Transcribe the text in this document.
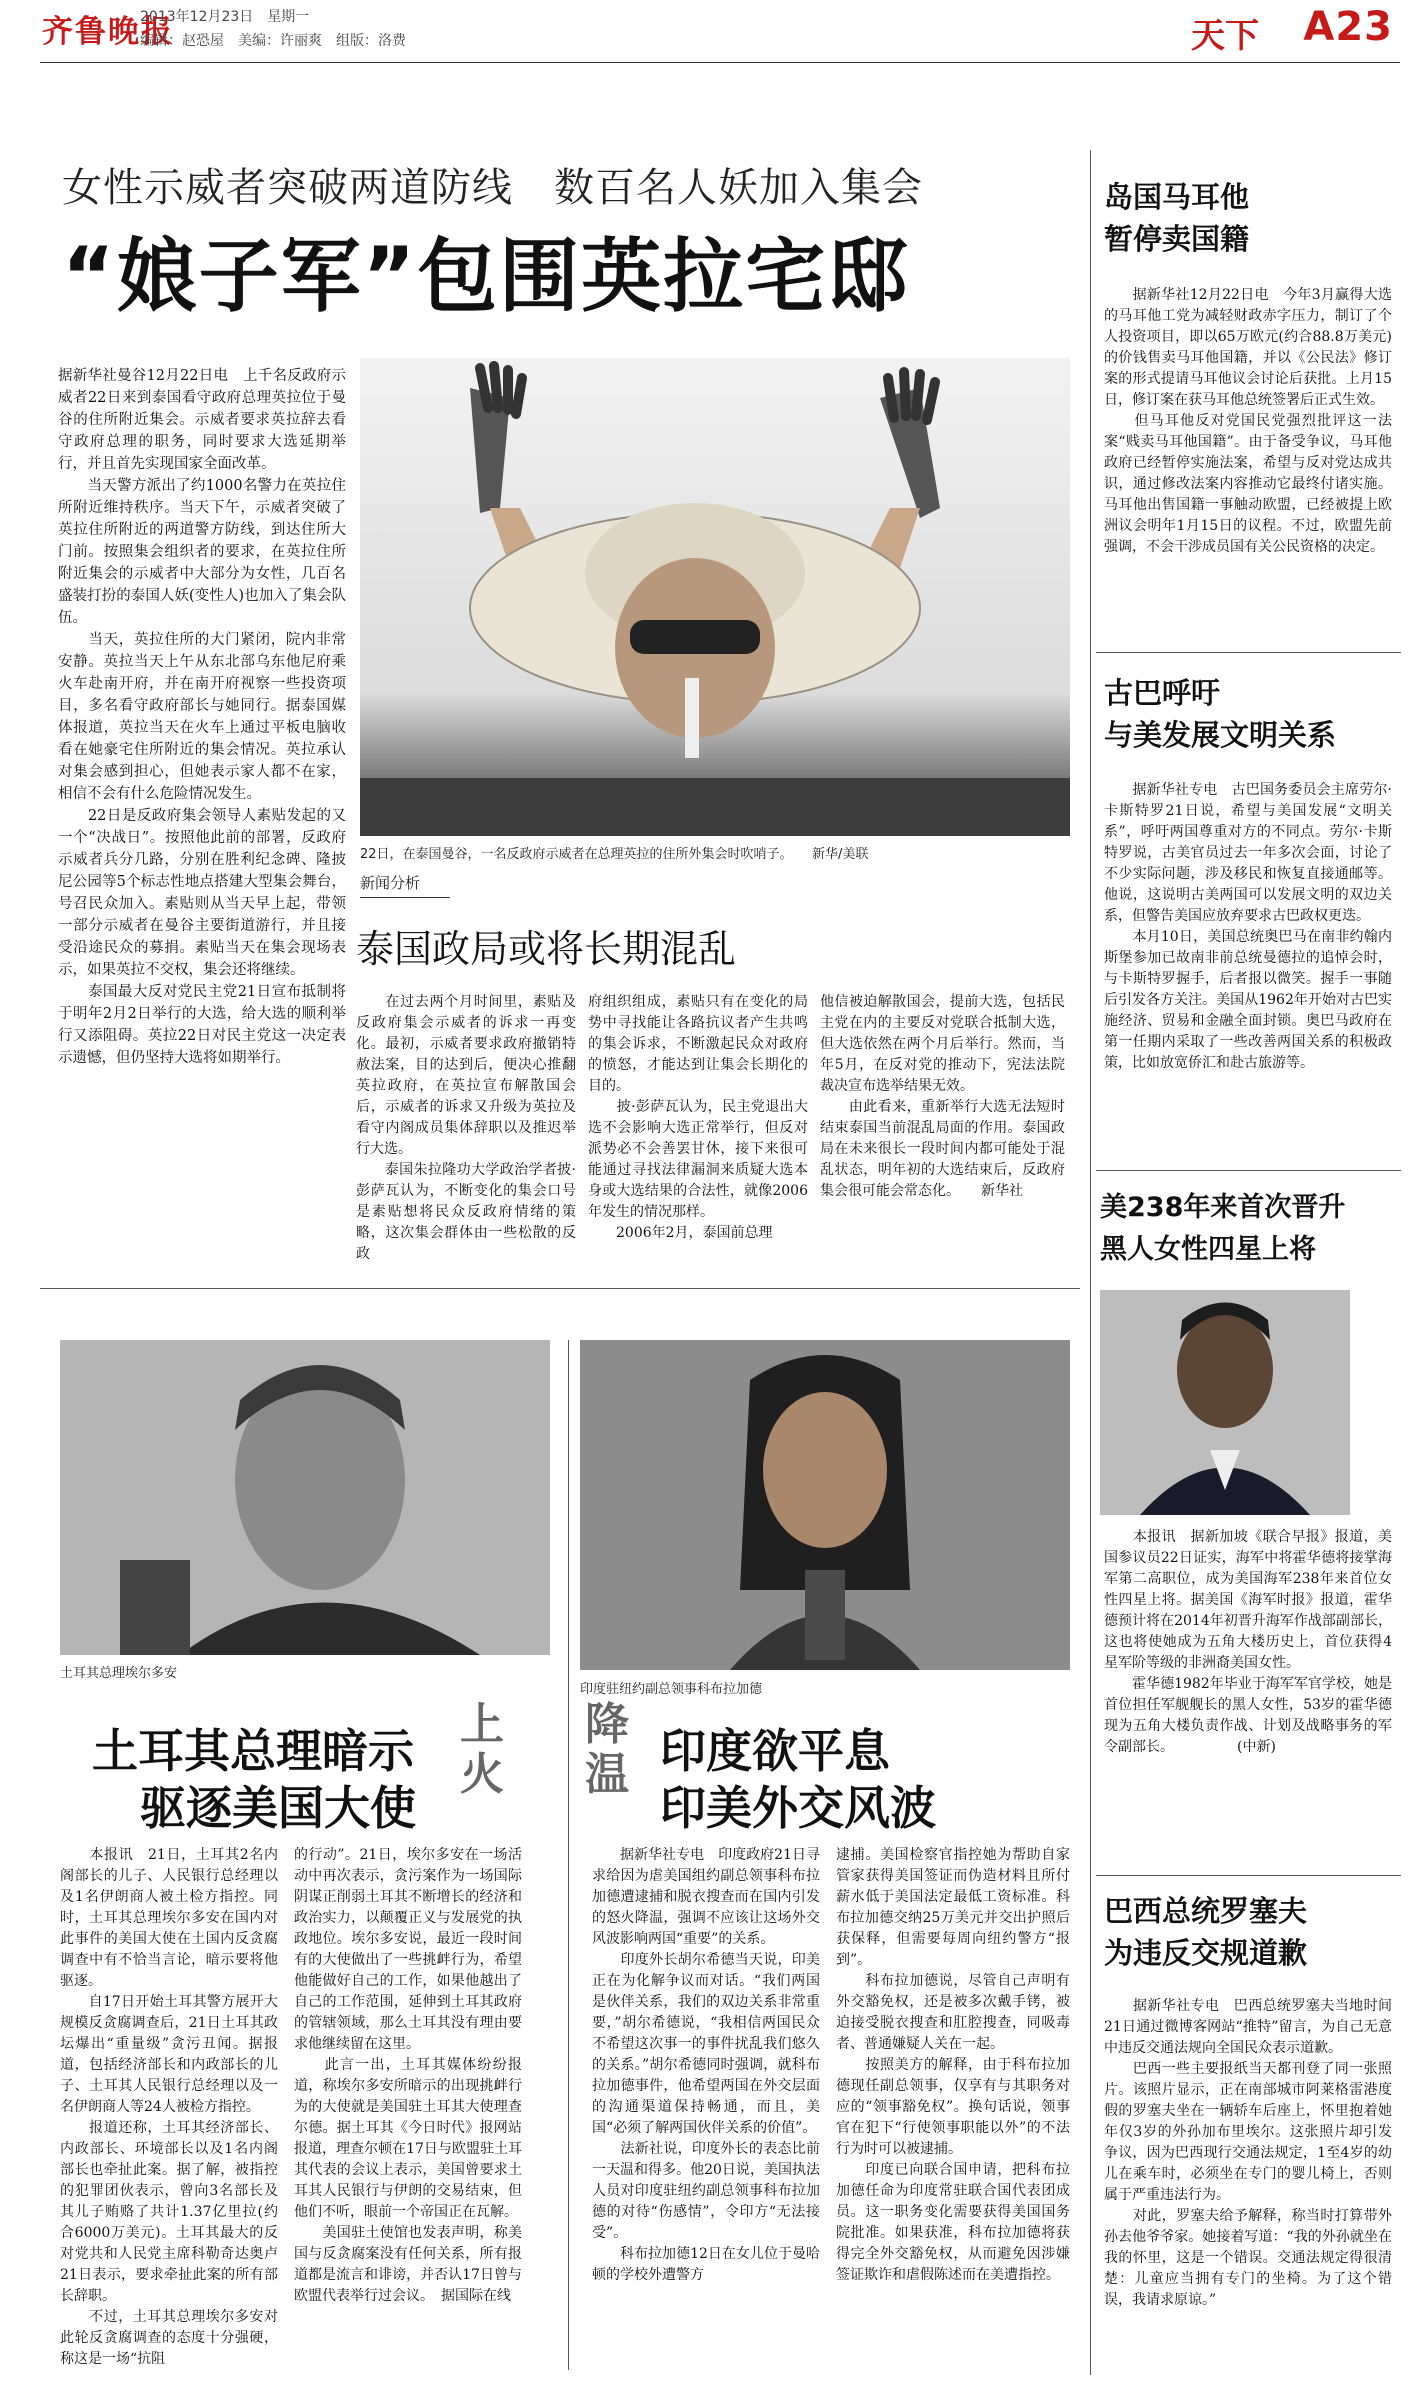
齐鲁晚报
2013年12月23日　星期一
编辑：赵恐屋　美编：许丽爽　组版：洛费	天下 A23
女性示威者突破两道防线　数百名人妖加入集会
“娘子军”包围英拉宅邸
据新华社曼谷12月22日电　上千名反政府示威者22日来到泰国看守政府总理英拉位于曼谷的住所附近集会。示威者要求英拉辞去看守政府总理的职务，同时要求大选延期举行，并且首先实现国家全面改革。
　　当天警方派出了约1000名警力在英拉住所附近维持秩序。当天下午，示威者突破了英拉住所附近的两道警方防线，到达住所大门前。按照集会组织者的要求，在英拉住所附近集会的示威者中大部分为女性，几百名盛装打扮的泰国人妖(变性人)也加入了集会队伍。
　　当天，英拉住所的大门紧闭，院内非常安静。英拉当天上午从东北部乌东他尼府乘火车赴南开府，并在南开府视察一些投资项目，多名看守政府部长与她同行。据泰国媒体报道，英拉当天在火车上通过平板电脑收看在她豪宅住所附近的集会情况。英拉承认对集会感到担心，但她表示家人都不在家，相信不会有什么危险情况发生。
　　22日是反政府集会领导人素贴发起的又一个“决战日”。按照他此前的部署，反政府示威者兵分几路，分别在胜利纪念碑、隆披尼公园等5个标志性地点搭建大型集会舞台，号召民众加入。素贴则从当天早上起，带领一部分示威者在曼谷主要街道游行，并且接受沿途民众的募捐。素贴当天在集会现场表示，如果英拉不交权，集会还将继续。
　　泰国最大反对党民主党21日宣布抵制将于明年2月2日举行的大选，给大选的顺利举行又添阻碍。英拉22日对民主党这一决定表示遗憾，但仍坚持大选将如期举行。
22日，在泰国曼谷，一名反政府示威者在总理英拉的住所外集会时吹哨子。　　新华/美联
新闻分析
泰国政局或将长期混乱
　　在过去两个月时间里，素贴及反政府集会示威者的诉求一再变化。最初，示威者要求政府撤销特赦法案，目的达到后，便决心推翻英拉政府，在英拉宣布解散国会后，示威者的诉求又升级为英拉及看守内阁成员集体辞职以及推迟举行大选。
　　泰国朱拉隆功大学政治学者披·彭萨瓦认为，不断变化的集会口号是素贴想将民众反政府情绪的策略，这次集会群体由一些松散的反政
府组织组成，素贴只有在变化的局势中寻找能让各路抗议者产生共鸣的集会诉求，不断激起民众对政府的愤怒，才能达到让集会长期化的目的。
　　披·彭萨瓦认为，民主党退出大选不会影响大选正常举行，但反对派势必不会善罢甘休，接下来很可能通过寻找法律漏洞来质疑大选本身或大选结果的合法性，就像2006年发生的情况那样。
　　2006年2月，泰国前总理
他信被迫解散国会，提前大选，包括民主党在内的主要反对党联合抵制大选，但大选依然在两个月后举行。然而，当年5月，在反对党的推动下，宪法法院裁决宣布选举结果无效。
　　由此看来，重新举行大选无法短时结束泰国当前混乱局面的作用。泰国政局在未来很长一段时间内都可能处于混乱状态，明年初的大选结束后，反政府集会很可能会常态化。　　新华社
土耳其总理埃尔多安
土耳其总理暗示
驱逐美国大使
上火
　　本报讯　21日，土耳其2名内阁部长的儿子、人民银行总经理以及1名伊朗商人被土检方指控。同时，土耳其总理埃尔多安在国内对此事件的美国大使在土国内反贪腐调查中有不恰当言论，暗示要将他驱逐。
　　自17日开始土耳其警方展开大规模反贪腐调查后，21日土耳其政坛爆出“重量级”贪污丑闻。据报道，包括经济部长和内政部长的儿子、土耳其人民银行总经理以及一名伊朗商人等24人被检方指控。
　　报道还称，土耳其经济部长、内政部长、环境部长以及1名内阁部长也牵扯此案。据了解，被指控的犯罪团伙表示，曾向3名部长及其儿子贿赂了共计1.37亿里拉(约合6000万美元)。土耳其最大的反对党共和人民党主席科勒奇达奥卢21日表示，要求牵扯此案的所有部长辞职。
　　不过，土耳其总理埃尔多安对此轮反贪腐调查的态度十分强硬，称这是一场“抗阻
的行动”。21日，埃尔多安在一场活动中再次表示，贪污案作为一场国际阴谋正削弱土耳其不断增长的经济和政治实力，以颠覆正义与发展党的执政地位。埃尔多安说，最近一段时间有的大使做出了一些挑衅行为，希望他能做好自己的工作，如果他越出了自己的工作范围，延伸到土耳其政府的管辖领域，那么土耳其没有理由要求他继续留在这里。
　　此言一出，土耳其媒体纷纷报道，称埃尔多安所暗示的出现挑衅行为的大使就是美国驻土耳其大使理查尔德。据土耳其《今日时代》报网站报道，理查尔顿在17日与欧盟驻土耳其代表的会议上表示，美国曾要求土耳其人民银行与伊朗的交易结束，但他们不听，眼前一个帝国正在瓦解。
　　美国驻土使馆也发表声明，称美国与反贪腐案没有任何关系，所有报道都是流言和诽谤，并否认17日曾与欧盟代表举行过会议。　据国际在线
印度驻纽约副总领事科布拉加德
降温 印度欲平息
印美外交风波
　　据新华社专电　印度政府21日寻求给因为虐美国组约副总领事科布拉加德遭逮捕和脱衣搜查而在国内引发的怒火降温，强调不应该让这场外交风波影响两国“重要”的关系。
　　印度外长胡尔希德当天说，印美正在为化解争议而对话。“我们两国是伙伴关系，我们的双边关系非常重要，”胡尔希德说，“我相信两国民众不希望这次事一的事件扰乱我们悠久的关系。”胡尔希德同时强调，就科布拉加德事件，他希望两国在外交层面的沟通渠道保持畅通，而且，美国“必须了解两国伙伴关系的价值”。
　　法新社说，印度外长的表态比前一天温和得多。他20日说，美国执法人员对印度驻纽约副总领事科布拉加德的对待“伤感情”，令印方“无法接受”。
　　科布拉加德12日在女儿位于曼哈顿的学校外遭警方
逮捕。美国检察官指控她为帮助自家管家获得美国签证而伪造材料且所付薪水低于美国法定最低工资标准。科布拉加德交纳25万美元并交出护照后获保释，但需要每周向纽约警方“报到”。
　　科布拉加德说，尽管自己声明有外交豁免权，还是被多次戴手铐，被迫接受脱衣搜查和肛腔搜查，同吸毒者、普通嫌疑人关在一起。
　　按照美方的解释，由于科布拉加德现任副总领事，仅享有与其职务对应的“领事豁免权”。换句话说，领事官在犯下“行使领事职能以外”的不法行为时可以被逮捕。
　　印度已向联合国申请，把科布拉加德任命为印度常驻联合国代表团成员。这一职务变化需要获得美国国务院批准。如果获准，科布拉加德将获得完全外交豁免权，从而避免因涉嫌签证欺诈和虐假陈述而在美遭指控。
岛国马耳他
暂停卖国籍
　　据新华社12月22日电　今年3月赢得大选的马耳他工党为减轻财政赤字压力，制订了个人投资项目，即以65万欧元(约合88.8万美元)的价钱售卖马耳他国籍，并以《公民法》修订案的形式提请马耳他议会讨论后获批。上月15日，修订案在获马耳他总统签署后正式生效。
　　但马耳他反对党国民党强烈批评这一法案“贱卖马耳他国籍”。由于备受争议，马耳他政府已经暂停实施法案，希望与反对党达成共识，通过修改法案内容推动它最终付诸实施。马耳他出售国籍一事触动欧盟，已经被提上欧洲议会明年1月15日的议程。不过，欧盟先前强调，不会干涉成员国有关公民资格的决定。
古巴呼吁
与美发展文明关系
　　据新华社专电　古巴国务委员会主席劳尔·卡斯特罗21日说，希望与美国发展“文明关系”，呼吁两国尊重对方的不同点。劳尔·卡斯特罗说，古美官员过去一年多次会面，讨论了不少实际问题，涉及移民和恢复直接通邮等。他说，这说明古美两国可以发展文明的双边关系，但警告美国应放弃要求古巴政权更迭。
　　本月10日，美国总统奥巴马在南非约翰内斯堡参加已故南非前总统曼德拉的追悼会时，与卡斯特罗握手，后者报以微笑。握手一事随后引发各方关注。美国从1962年开始对古巴实施经济、贸易和金融全面封锁。奥巴马政府在第一任期内采取了一些改善两国关系的积极政策，比如放宽侨汇和赴古旅游等。
美238年来首次晋升
黑人女性四星上将
　　本报讯　据新加坡《联合早报》报道，美国参议员22日证实，海军中将霍华德将接掌海军第二高职位，成为美国海军238年来首位女性四星上将。据美国《海军时报》报道，霍华德预计将在2014年初晋升海军作战部副部长，这也将使她成为五角大楼历史上，首位获得4星军阶等级的非洲裔美国女性。
　　霍华德1982年毕业于海军军官学校，她是首位担任军舰舰长的黑人女性，53岁的霍华德现为五角大楼负责作战、计划及战略事务的军令副部长。　　　　　(中新)
巴西总统罗塞夫
为违反交规道歉
　　据新华社专电　巴西总统罗塞夫当地时间21日通过微博客网站“推特”留言，为自己无意中违反交通法规向全国民众表示道歉。
　　巴西一些主要报纸当天都刊登了同一张照片。该照片显示，正在南部城市阿莱格雷港度假的罗塞夫坐在一辆轿车后座上，怀里抱着她年仅3岁的外孙加布里埃尔。这张照片却引发争议，因为巴西现行交通法规定，1至4岁的幼儿在乘车时，必须坐在专门的婴儿椅上，否则属于严重违法行为。
　　对此，罗塞夫给予解释，称当时打算带外孙去他爷爷家。她接着写道：“我的外孙就坐在我的怀里，这是一个错误。交通法规定得很清楚：儿童应当拥有专门的坐椅。为了这个错误，我请求原谅。”
